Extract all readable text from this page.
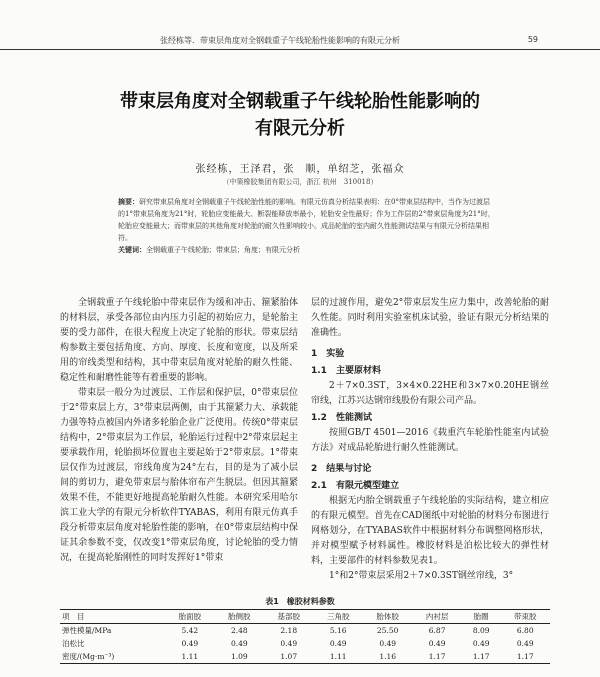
张经栋等．带束层角度对全钢载重子午线轮胎性能影响的有限元分析	59
带束层角度对全钢载重子午线轮胎性能影响的
有限元分析
张经栋，王泽君，张　顺，单绍芝，张福众
（中策橡胶集团有限公司，浙江 杭州　310018）

摘要：研究带束层角度对全钢载重子午线轮胎性能的影响。有限元仿真分析结果表明：在0°带束层结构中，当作为过渡层的1°带束层角度为21°时，轮胎应变能最大、断裂能释放率最小，轮胎安全性最好；作为工作层的2°带束层角度为21°时，轮胎应变能最大；而带束层的其他角度对轮胎的耐久性影响较小。成品轮胎的室内耐久性能测试结果与有限元分析结果相符。

关键词：全钢载重子午线轮胎；带束层；角度；有限元分析

全钢载重子午线轮胎中带束层作为缓和冲击、箍紧胎体的材料层，承受各部位由内压力引起的初始应力，是轮胎主要的受力部件，在很大程度上决定了轮胎的形状。带束层结构参数主要包括角度、方向、厚度、长度和宽度，以及所采用的帘线类型和结构，其中带束层角度对轮胎的耐久性能、稳定性和耐磨性能等有着重要的影响。

带束层一般分为过渡层、工作层和保护层，0°带束层位于2°带束层上方，3°带束层两侧，由于其箍紧力大、承载能力强等特点被国内外诸多轮胎企业广泛使用。传统0°带束层结构中，2°带束层为工作层，轮胎运行过程中2°带束层起主要承载作用，轮胎损坏位置也主要起始于2°带束层。1°带束层仅作为过渡层，帘线角度为24°左右，目的是为了减小层间的剪切力，避免带束层与胎体帘布产生脱层。但因其箍紧效果不佳，不能更好地提高轮胎耐久性能。本研究采用哈尔滨工业大学的有限元分析软件TYABAS，利用有限元仿真手段分析带束层角度对轮胎性能的影响，在0°带束层结构中保证其余参数不变，仅改变1°带束层角度，讨论轮胎的受力情况，在提高轮胎刚性的同时发挥好1°带束

层的过渡作用，避免2°带束层发生应力集中，改善轮胎的耐久性能。同时利用实验室机床试验，验证有限元分析结果的准确性。

1　实验
1.1　主要原材料

2＋7×0.3ST，3×4×0.22HE和3×7×0.20HE钢丝帘线，江苏兴达钢帘线股份有限公司产品。

1.2　性能测试

按照GB/T 4501—2016《载重汽车轮胎性能室内试验方法》对成品轮胎进行耐久性能测试。

2　结果与讨论
2.1　有限元模型建立

根据无内胎全钢载重子午线轮胎的实际结构，建立相应的有限元模型。首先在CAD图纸中对轮胎的材料分布图进行网格划分，在TYABAS软件中根据材料分布调整网格形状，并对模型赋予材料属性。橡胶材料是泊松比较大的弹性材料，主要部件的材料参数见表1。

1°和2°带束层采用2＋7×0.3ST钢丝帘线，3°

表1　橡胶材料参数
项　目	胎面胶	胎侧胶	基部胶	三角胶	胎体胶	内衬层	胎圈	带束胶
弹性模量/MPa	5.42	2.48	2.18	5.16	25.50	6.87	8.09	6.80
泊松比	0.49	0.49	0.49	0.49	0.49	0.49	0.49	0.49
密度/(Mg·m⁻³)	1.11	1.09	1.07	1.11	1.16	1.17	1.17	1.17
